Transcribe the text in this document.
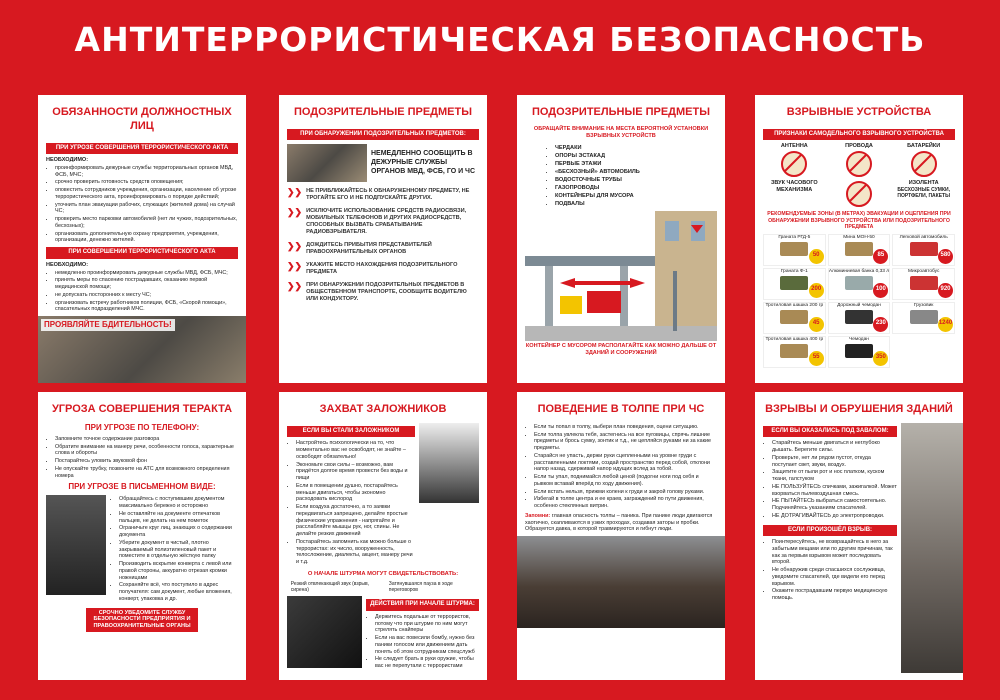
АНТИТЕРРОРИСТИЧЕСКАЯ БЕЗОПАСНОСТЬ
ОБЯЗАННОСТИ ДОЛЖНОСТНЫХ ЛИЦ
ПРИ УГРОЗЕ СОВЕРШЕНИЯ ТЕРРОРИСТИЧЕСКОГО АКТА
НЕОБХОДИМО:
• проинформировать дежурные службы территориальных органов МВД, ФСБ, МЧС;
• срочно проверить готовность средств оповещения;
• оповестить сотрудников учреждения, организации, население об угрозе террористического акта, проинформировать о порядке действий;
• уточнить план эвакуации рабочих, служащих (жителей дома) на случай ЧС;
• проверить место парковки автомобилей (нет ли чужих, подозрительных, бесхозных);
• организовать дополнительную охрану предприятия, учреждения, организации, денежно жителей.
ПРИ СОВЕРШЕНИИ ТЕРРОРИСТИЧЕСКОГО АКТА
НЕОБХОДИМО:
• немедленно проинформировать дежурные службы МВД, ФСБ, МЧС;
• принять меры по спасению пострадавших, оказанию первой медицинской помощи;
• не допускать посторонних к месту ЧС;
• организовать встречу работников полиции, ФСБ, «Скорой помощи», спасательных подразделений МЧС.
ПРОЯВЛЯЙТЕ БДИТЕЛЬНОСТЬ!
ПОДОЗРИТЕЛЬНЫЕ ПРЕДМЕТЫ
ПРИ ОБНАРУЖЕНИИ ПОДОЗРИТЕЛЬНЫХ ПРЕДМЕТОВ:
НЕМЕДЛЕННО СООБЩИТЬ В ДЕЖУРНЫЕ СЛУЖБЫ ОРГАНОВ МВД, ФСБ, ГО И ЧС
❯❯ НЕ ПРИБЛИЖАЙТЕСЬ К ОБНАРУЖЕННОМУ ПРЕДМЕТУ, НЕ ТРОГАЙТЕ ЕГО И НЕ ПОДПУСКАЙТЕ ДРУГИХ.
❯❯ ИСКЛЮЧИТЕ ИСПОЛЬЗОВАНИЕ СРЕДСТВ РАДИОСВЯЗИ, МОБИЛЬНЫХ ТЕЛЕФОНОВ И ДРУГИХ РАДИОСРЕДСТВ, СПОСОБНЫХ ВЫЗВАТЬ СРАБАТЫВАНИЕ РАДИОВЗРЫВАТЕЛЯ.
❯❯ ДОЖДИТЕСЬ ПРИБЫТИЯ ПРЕДСТАВИТЕЛЕЙ ПРАВООХРАНИТЕЛЬНЫХ ОРГАНОВ
❯❯ УКАЖИТЕ МЕСТО НАХОЖДЕНИЯ ПОДОЗРИТЕЛЬНОГО ПРЕДМЕТА
❯❯ ПРИ ОБНАРУЖЕНИИ ПОДОЗРИТЕЛЬНЫХ ПРЕДМЕТОВ В ОБЩЕСТВЕННОМ ТРАНСПОРТЕ, СООБЩИТЕ ВОДИТЕЛЮ ИЛИ КОНДУКТОРУ.
ПОДОЗРИТЕЛЬНЫЕ ПРЕДМЕТЫ
ОБРАЩАЙТЕ ВНИМАНИЕ НА МЕСТА ВЕРОЯТНОЙ УСТАНОВКИ ВЗРЫВНЫХ УСТРОЙСТВ
• ЧЕРДАКИ
• ОПОРЫ ЭСТАКАД
• ПЕРВЫЕ ЭТАЖИ
• «БЕСХОЗНЫЙ» АВТОМОБИЛЬ
• ВОДОСТОЧНЫЕ ТРУБЫ
• ГАЗОПРОВОДЫ
• КОНТЕЙНЕРЫ ДЛЯ МУСОРА
• ПОДВАЛЫ
КОНТЕЙНЕР С МУСОРОМ РАСПОЛАГАЙТЕ КАК МОЖНО ДАЛЬШЕ ОТ ЗДАНИЙ И СООРУЖЕНИЙ
ВЗРЫВНЫЕ УСТРОЙСТВА
ПРИЗНАКИ САМОДЕЛЬНОГО ВЗРЫВНОГО УСТРОЙСТВА
АНТЕННА	ПРОВОДА	БАТАРЕЙКИ
ЗВУК ЧАСОВОГО МЕХАНИЗМА
ИЗОЛЕНТА
БЕСХОЗНЫЕ СУМКИ, ПОРТФЕЛИ, ПАКЕТЫ
РЕКОМЕНДУЕМЫЕ ЗОНЫ (В МЕТРАХ) ЭВАКУАЦИИ И ОЦЕПЛЕНИЯ ПРИ ОБНАРУЖЕНИИ ВЗРЫВНОГО УСТРОЙСТВА ИЛИ ПОДОЗРИТЕЛЬНОГО ПРЕДМЕТА
Граната РГД-5
50
Мина МОН-50
85
Легковой автомобиль
580
Граната Ф-1
200
Алюминиевая банка 0,33 л
100
Микроавтобус
920
Тротиловая шашка 200 гр
45
Дорожный чемодан
230
Грузовик
1240
Тротиловая шашка 400 гр
55
Чемодан
350
УГРОЗА СОВЕРШЕНИЯ ТЕРАКТА
ПРИ УГРОЗЕ ПО ТЕЛЕФОНУ:
• Запомните точное содержание разговора
• Обратите внимание на манеру речи, особенности голоса, характерные слова и обороты
• Постарайтесь уловить звуковой фон
• Не опускайте трубку, позвоните на АТС для возможного определения номера
ПРИ УГРОЗЕ В ПИСЬМЕННОМ ВИДЕ:
• Обращайтесь с поступившим документом максимально бережно и осторожно
• Не оставляйте на документе отпечатков пальцев, не делать на нем пометок
• Ограничьте круг лиц, знающих о содержании документа
• Уберите документ в чистый, плотно закрываемый полиэтиленовый пакет и поместите в отдельную жёсткую папку
• Производить вскрытие конверта с левой или правой стороны, аккуратно отрезая кромки ножницами
• Сохраняйте всё, что поступило в адрес получателя: сам документ, любые вложения, конверт, упаковка и др.
СРОЧНО УВЕДОМИТЕ СЛУЖБУ БЕЗОПАСНОСТИ ПРЕДПРИЯТИЯ И ПРАВООХРАНИТЕЛЬНЫЕ ОРГАНЫ
ЗАХВАТ ЗАЛОЖНИКОВ
ЕСЛИ ВЫ СТАЛИ ЗАЛОЖНИКОМ
• Настройтесь психологически на то, что моментально вас не освободят, не знайте – освободят обязательно!
• Экономьте свои силы – возможно, вам придётся долгое время провести без воды и пищи
• Если в помещении душно, постарайтесь меньше двигаться, чтобы экономно расходовать кислород
• Если воздуха достаточно, а то заявки передвигаться запрещено, делайте простые физические упражнения - напрягайте и расслабляйте мышцы рук, ног, спины. Не делайте резких движений
• Постарайтесь запомнить как можно больше о террористах: их число, вооруженность, телосложение, диалекты, акцент, манеру речи и т.д.
О НАЧАЛЕ ШТУРМА МОГУТ СВИДЕТЕЛЬСТВОВАТЬ:
Резкий отвлекающий звук (взрыв, сирена)
Затянувшаяся пауза в ходе переговоров
ДЕЙСТВИЯ ПРИ НАЧАЛЕ ШТУРМА:
• Держитесь подальше от террористов, потому что при штурме по ним могут стрелять снайперы
• Если на вас повесили бомбу, нужно без паники голосом или движением дать понять об этом сотрудникам спецслужб
• Не следует брать в руки оружие, чтобы вас не перепутали с террористами
ПОВЕДЕНИЕ В ТОЛПЕ ПРИ ЧС
• Если ты попал в толпу, выбери план поведения, оцени ситуацию.
• Если толпа увлекла тебя, застегнись на все пуговицы, спрячь лишние предметы и брось сумку, зонтик и т.д., не цепляйся руками ни за какие предметы.
• Старайся не упасть, держи руки сцепленными на уровне груди с расставленными локтями, создай пространство перед собой, отклони напор назад, сдерживай напор идущих вслед за тобой.
• Если ты упал, поднимайся любой ценой (подогни ноги под себя и рывком вставай вперёд по ходу движения).
• Если встать нельзя, прижми колени к груди и закрой голову руками.
• Избегай в толпе центра и ее краев, заграждений по пути движения, особенно стеклянных витрин.
Запомни: главная опасность толпы – паника. При панике люди двигаются хаотично, скапливаются в узких проходах, создавая заторы и пробки. Образуется давка, в которой травмируются и гибнут люди.
ВЗРЫВЫ И ОБРУШЕНИЯ ЗДАНИЙ
ЕСЛИ ВЫ ОКАЗАЛИСЬ ПОД ЗАВАЛОМ:
• Старайтесь меньше двигаться и неглубоко дышать. Берегите силы.
• Проверьте, нет ли рядом пустот, откуда поступает свет, звуки, воздух.
• Защитите от пыли рот и нос платком, куском ткани, галстуком
• НЕ ПОЛЬЗУЙТЕСЬ спичками, зажигалкой. Может взорваться пылевоздушная смесь.
• НЕ ПЫТАЙТЕСЬ выбраться самостоятельно. Подчиняйтесь указаниям спасателей.
• НЕ ДОТРАГИВАЙТЕСЬ до электропроводки.
ЕСЛИ ПРОИЗОШЁЛ ВЗРЫВ:
• Поинтересуйтесь, не возвращайтесь в него за забытыми вещами или по другим причинам, так как за первым взрывом может последовать второй.
• Не обнаружив среди спасшихся сослуживца, уведомите спасателей, где видели его перед взрывом.
• Окажите пострадавшим первую медицинскую помощь.
